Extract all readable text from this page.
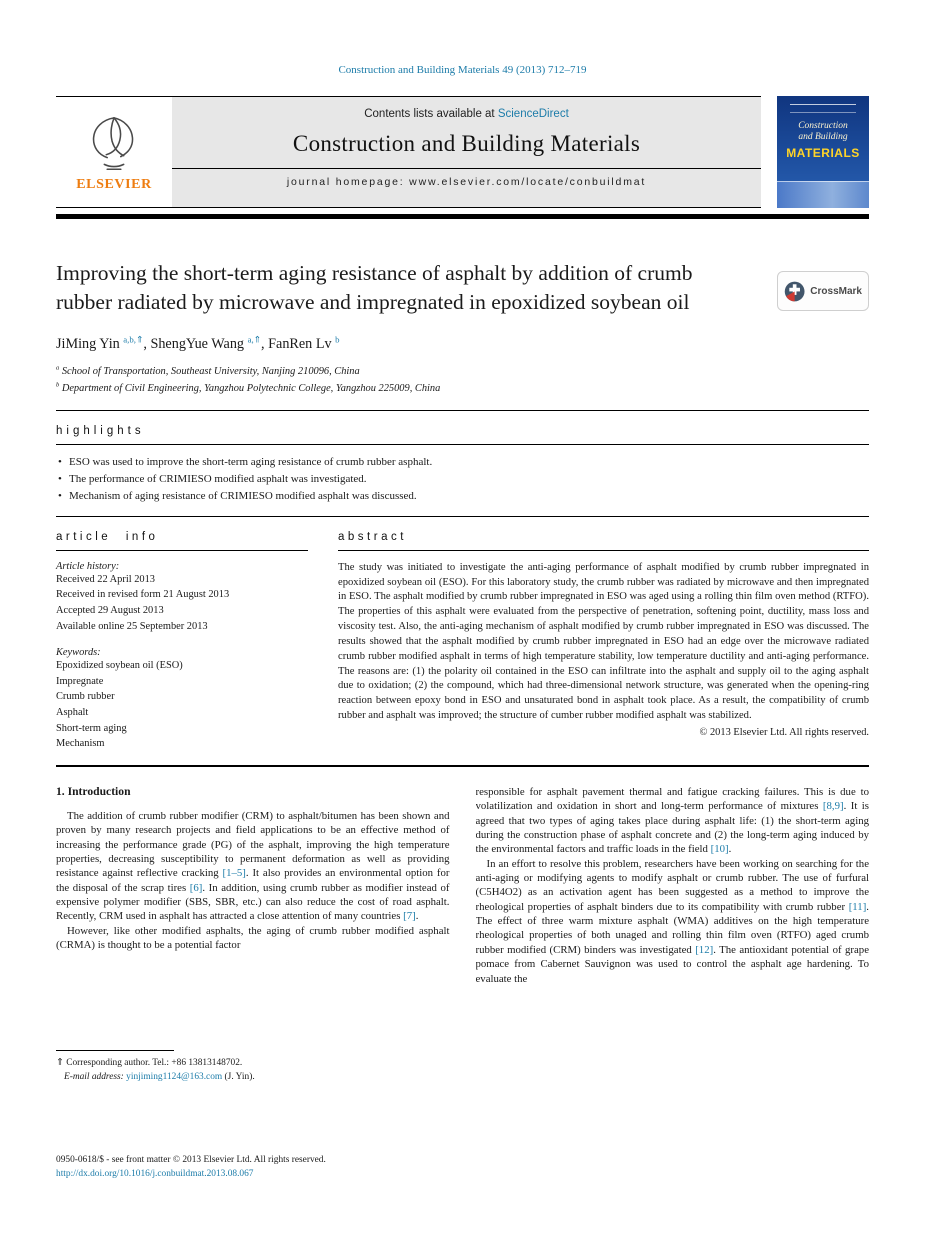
Construction and Building Materials 49 (2013) 712–719
ELSEVIER
Contents lists available at ScienceDirect
Construction and Building Materials
journal homepage: www.elsevier.com/locate/conbuildmat
Construction
and Building
MATERIALS
Improving the short-term aging resistance of asphalt by addition of crumb rubber radiated by microwave and impregnated in epoxidized soybean oil	CrossMark
JiMing Yin $^{a,b,⇑}$, ShengYue Wang $^{a,⇑}$, FanRen Lv $^b$
$^a$ School of Transportation, Southeast University, Nanjing 210096, China
$^b$ Department of Civil Engineering, Yangzhou Polytechnic College, Yangzhou 225009, China
highlights
• ESO was used to improve the short-term aging resistance of crumb rubber asphalt.
• The performance of CRIMIESO modified asphalt was investigated.
• Mechanism of aging resistance of CRIMIESO modified asphalt was discussed.
article info
Article history:
Received 22 April 2013
Received in revised form 21 August 2013
Accepted 29 August 2013
Available online 25 September 2013
Keywords:
Epoxidized soybean oil (ESO)
Impregnate
Crumb rubber
Asphalt
Short-term aging
Mechanism
abstract
The study was initiated to investigate the anti-aging performance of asphalt modified by crumb rubber impregnated in epoxidized soybean oil (ESO). For this laboratory study, the crumb rubber was radiated by microwave and then impregnated in ESO. The asphalt modified by crumb rubber impregnated in ESO was aged using a rolling thin film oven method (RTFO). The properties of this asphalt were evaluated from the perspective of penetration, softening point, ductility, mass loss and viscosity test. Also, the anti-aging mechanism of asphalt modified by crumb rubber impregnated in ESO was discussed. The results showed that the asphalt modified by crumb rubber impregnated in ESO had an edge over the microwave radiated crumb rubber modified asphalt in terms of high temperature stability, low temperature ductility and anti-aging performance. The reasons are: (1) the polarity oil contained in the ESO can infiltrate into the asphalt and supply oil to the aging asphalt due to oxidation; (2) the compound, which had three-dimensional network structure, was generated when the opening-ring reaction between epoxy bond in ESO and unsaturated bond in asphalt took place. As a result, the compatibility of crumb rubber and asphalt was improved; the structure of cumber rubber modified asphalt was stabilized.
© 2013 Elsevier Ltd. All rights reserved.
1. Introduction

The addition of crumb rubber modifier (CRM) to asphalt/bitumen has been shown and proven by many research projects and field applications to be an effective method of increasing the performance grade (PG) of the asphalt, improving the high temperature properties, decreasing susceptibility to permanent deformation as well as providing resistance against reflective cracking [1–5]. It also provides an environmental option for the disposal of the scrap tires [6]. In addition, using crumb rubber as modifier instead of expensive polymer modifier (SBS, SBR, etc.) can also reduce the cost of road asphalt. Recently, CRM used in asphalt has attracted a close attention of many countries [7].

However, like other modified asphalts, the aging of crumb rubber modified asphalt (CRMA) is thought to be a potential factor

⇑ Corresponding author. Tel.: +86 13813148702.
E-mail address: yinjiming1124@163.com (J. Yin).

responsible for asphalt pavement thermal and fatigue cracking failures. This is due to volatilization and oxidation in short and long-term performance of mixtures [8,9]. It is agreed that two types of aging takes place during asphalt life: (1) the short-term aging during the construction phase of asphalt concrete and (2) the long-term aging induced by the environmental factors and traffic loads in the field [10].

In an effort to resolve this problem, researchers have been working on searching for the anti-aging or modifying agents to modify asphalt or crumb rubber. The use of furfural (C5H4O2) as an activation agent has been suggested as a method to improve the rheological properties of asphalt binders due to its compatibility with crumb rubber [11]. The effect of three warm mixture asphalt (WMA) additives on the high temperature rheological properties of both unaged and rolling thin film oven (RTFO) aged crumb rubber modified (CRM) binders was investigated [12]. The antioxidant potential of grape pomace from Cabernet Sauvignon was used to control the asphalt age hardening. To evaluate the

0950-0618/$ - see front matter © 2013 Elsevier Ltd. All rights reserved.
http://dx.doi.org/10.1016/j.conbuildmat.2013.08.067
